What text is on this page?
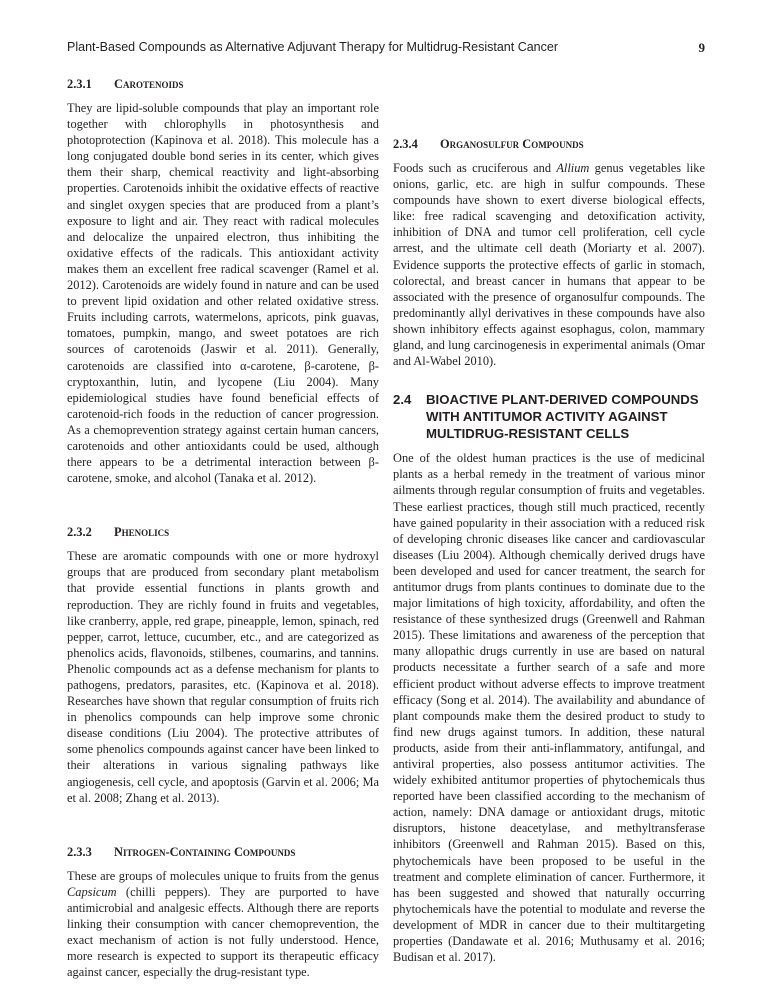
Plant-Based Compounds as Alternative Adjuvant Therapy for Multidrug-Resistant Cancer	9
2.3.1 Carotenoids

They are lipid-soluble compounds that play an important role together with chlorophylls in photosynthesis and photoprotection (Kapinova et al. 2018). This molecule has a long conjugated double bond series in its center, which gives them their sharp, chemical reactivity and light-absorbing properties. Carotenoids inhibit the oxidative effects of reactive and singlet oxygen species that are produced from a plant’s exposure to light and air. They react with radical molecules and delocalize the unpaired electron, thus inhibiting the oxidative effects of the radicals. This antioxidant activity makes them an excellent free radical scavenger (Ramel et al. 2012). Carotenoids are widely found in nature and can be used to prevent lipid oxidation and other related oxidative stress. Fruits including carrots, watermelons, apricots, pink guavas, tomatoes, pumpkin, mango, and sweet potatoes are rich sources of carotenoids (Jaswir et al. 2011). Generally, carotenoids are classified into α-carotene, β-carotene, β-cryptoxanthin, lutin, and lycopene (Liu 2004). Many epidemiological studies have found beneficial effects of carotenoid-rich foods in the reduction of cancer progression. As a chemoprevention strategy against certain human cancers, carotenoids and other antioxidants could be used, although there appears to be a detrimental interaction between β-carotene, smoke, and alcohol (Tanaka et al. 2012).

2.3.2 Phenolics

These are aromatic compounds with one or more hydroxyl groups that are produced from secondary plant metabolism that provide essential functions in plants growth and reproduction. They are richly found in fruits and vegetables, like cranberry, apple, red grape, pineapple, lemon, spinach, red pepper, carrot, lettuce, cucumber, etc., and are categorized as phenolics acids, flavonoids, stilbenes, coumarins, and tannins. Phenolic compounds act as a defense mechanism for plants to pathogens, predators, parasites, etc. (Kapinova et al. 2018). Researches have shown that regular consumption of fruits rich in phenolics compounds can help improve some chronic disease conditions (Liu 2004). The protective attributes of some phenolics compounds against cancer have been linked to their alterations in various signaling pathways like angiogenesis, cell cycle, and apoptosis (Garvin et al. 2006; Ma et al. 2008; Zhang et al. 2013).

2.3.3 Nitrogen-Containing Compounds

These are groups of molecules unique to fruits from the genus Capsicum (chilli peppers). They are purported to have antimicrobial and analgesic effects. Although there are reports linking their consumption with cancer chemoprevention, the exact mechanism of action is not fully understood. Hence, more research is expected to support its therapeutic efficacy against cancer, especially the drug-resistant type.

2.3.4 Organosulfur Compounds

Foods such as cruciferous and Allium genus vegetables like onions, garlic, etc. are high in sulfur compounds. These compounds have shown to exert diverse biological effects, like: free radical scavenging and detoxification activity, inhibition of DNA and tumor cell proliferation, cell cycle arrest, and the ultimate cell death (Moriarty et al. 2007). Evidence supports the protective effects of garlic in stomach, colorectal, and breast cancer in humans that appear to be associated with the presence of organosulfur compounds. The predominantly allyl derivatives in these compounds have also shown inhibitory effects against esophagus, colon, mammary gland, and lung carcinogenesis in experimental animals (Omar and Al-Wabel 2010).

2.4	BIOACTIVE PLANT-DERIVED COMPOUNDS WITH ANTITUMOR ACTIVITY AGAINST MULTIDRUG-RESISTANT CELLS

One of the oldest human practices is the use of medicinal plants as a herbal remedy in the treatment of various minor ailments through regular consumption of fruits and vegetables. These earliest practices, though still much practiced, recently have gained popularity in their association with a reduced risk of developing chronic diseases like cancer and cardiovascular diseases (Liu 2004). Although chemically derived drugs have been developed and used for cancer treatment, the search for antitumor drugs from plants continues to dominate due to the major limitations of high toxicity, affordability, and often the resistance of these synthesized drugs (Greenwell and Rahman 2015). These limitations and awareness of the perception that many allopathic drugs currently in use are based on natural products necessitate a further search of a safe and more efficient product without adverse effects to improve treatment efficacy (Song et al. 2014). The availability and abundance of plant compounds make them the desired product to study to find new drugs against tumors. In addition, these natural products, aside from their anti-inflammatory, antifungal, and antiviral properties, also possess antitumor activities. The widely exhibited antitumor properties of phytochemicals thus reported have been classified according to the mechanism of action, namely: DNA damage or antioxidant drugs, mitotic disruptors, histone deacetylase, and methyltransferase inhibitors (Greenwell and Rahman 2015). Based on this, phytochemicals have been proposed to be useful in the treatment and complete elimination of cancer. Furthermore, it has been suggested and showed that naturally occurring phytochemicals have the potential to modulate and reverse the development of MDR in cancer due to their multitargeting properties (Dandawate et al. 2016; Muthusamy et al. 2016; Budisan et al. 2017).
